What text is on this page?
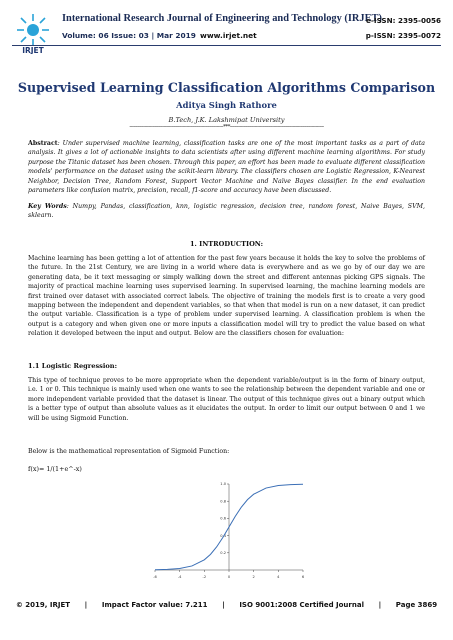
IRJET
International Research Journal of Engineering and Technology (IRJET)
e-ISSN: 2395-0056
Volume: 06 Issue: 03 | Mar 2019 www.irjet.net	p-ISSN: 2395-0072
Supervised Learning Classification Algorithms Comparison
Aditya Singh Rathore
B.Tech, J.K. Lakshmipat University
---------------------------------------------------------------------***---------------------------------------------------------------------
Abstract: Under supervised machine learning, classification tasks are one of the most important tasks as a part of data analysis. It gives a lot of actionable insights to data scientists after using different machine learning algorithms. For study purpose the Titanic dataset has been chosen. Through this paper, an effort has been made to evaluate different classification models' performance on the dataset using the scikit-learn library. The classifiers chosen are Logistic Regression, K-Nearest Neighbor, Decision Tree, Random Forest, Support Vector Machine and Naïve Bayes classifier. In the end evaluation parameters like confusion matrix, precision, recall, f1-score and accuracy have been discussed.
Key Words: Numpy, Pandas, classification, knn, logistic regression, decision tree, random forest, Naive Bayes, SVM, sklearn.
1. INTRODUCTION:
Machine learning has been getting a lot of attention for the past few years because it holds the key to solve the problems of the future. In the 21st Century, we are living in a world where data is everywhere and as we go by of our day we are generating data, be it text messaging or simply walking down the street and different antennas picking GPS signals. The majority of practical machine learning uses supervised learning. In supervised learning, the machine learning models are first trained over dataset with associated correct labels. The objective of training the models first is to create a very good mapping between the independent and dependent variables, so that when that model is run on a new dataset, it can predict the output variable. Classification is a type of problem under supervised learning. A classification problem is when the output is a category and when given one or more inputs a classification model will try to predict the value based on what relation it developed between the input and output. Below are the classifiers chosen for evaluation:
1.1 Logistic Regression:
This type of technique proves to be more appropriate when the dependent variable/output is in the form of binary output, i.e. 1 or 0. This technique is mainly used when one wants to see the relationship between the dependent variable and one or more independent variable provided that the dataset is linear. The output of this technique gives out a binary output which is a better type of output than absolute values as it elucidates the output. In order to limit our output between 0 and 1 we will be using Sigmoid Function.
Below is the mathematical representation of Sigmoid Function:
f(x)= 1/(1+e^-x)
-6	-4	-2	0	2	4	6
0.2
0.4
0.6
0.8
1.0
© 2019, IRJET      |      Impact Factor value: 7.211      |      ISO 9001:2008 Certified Journal      |      Page 3869
